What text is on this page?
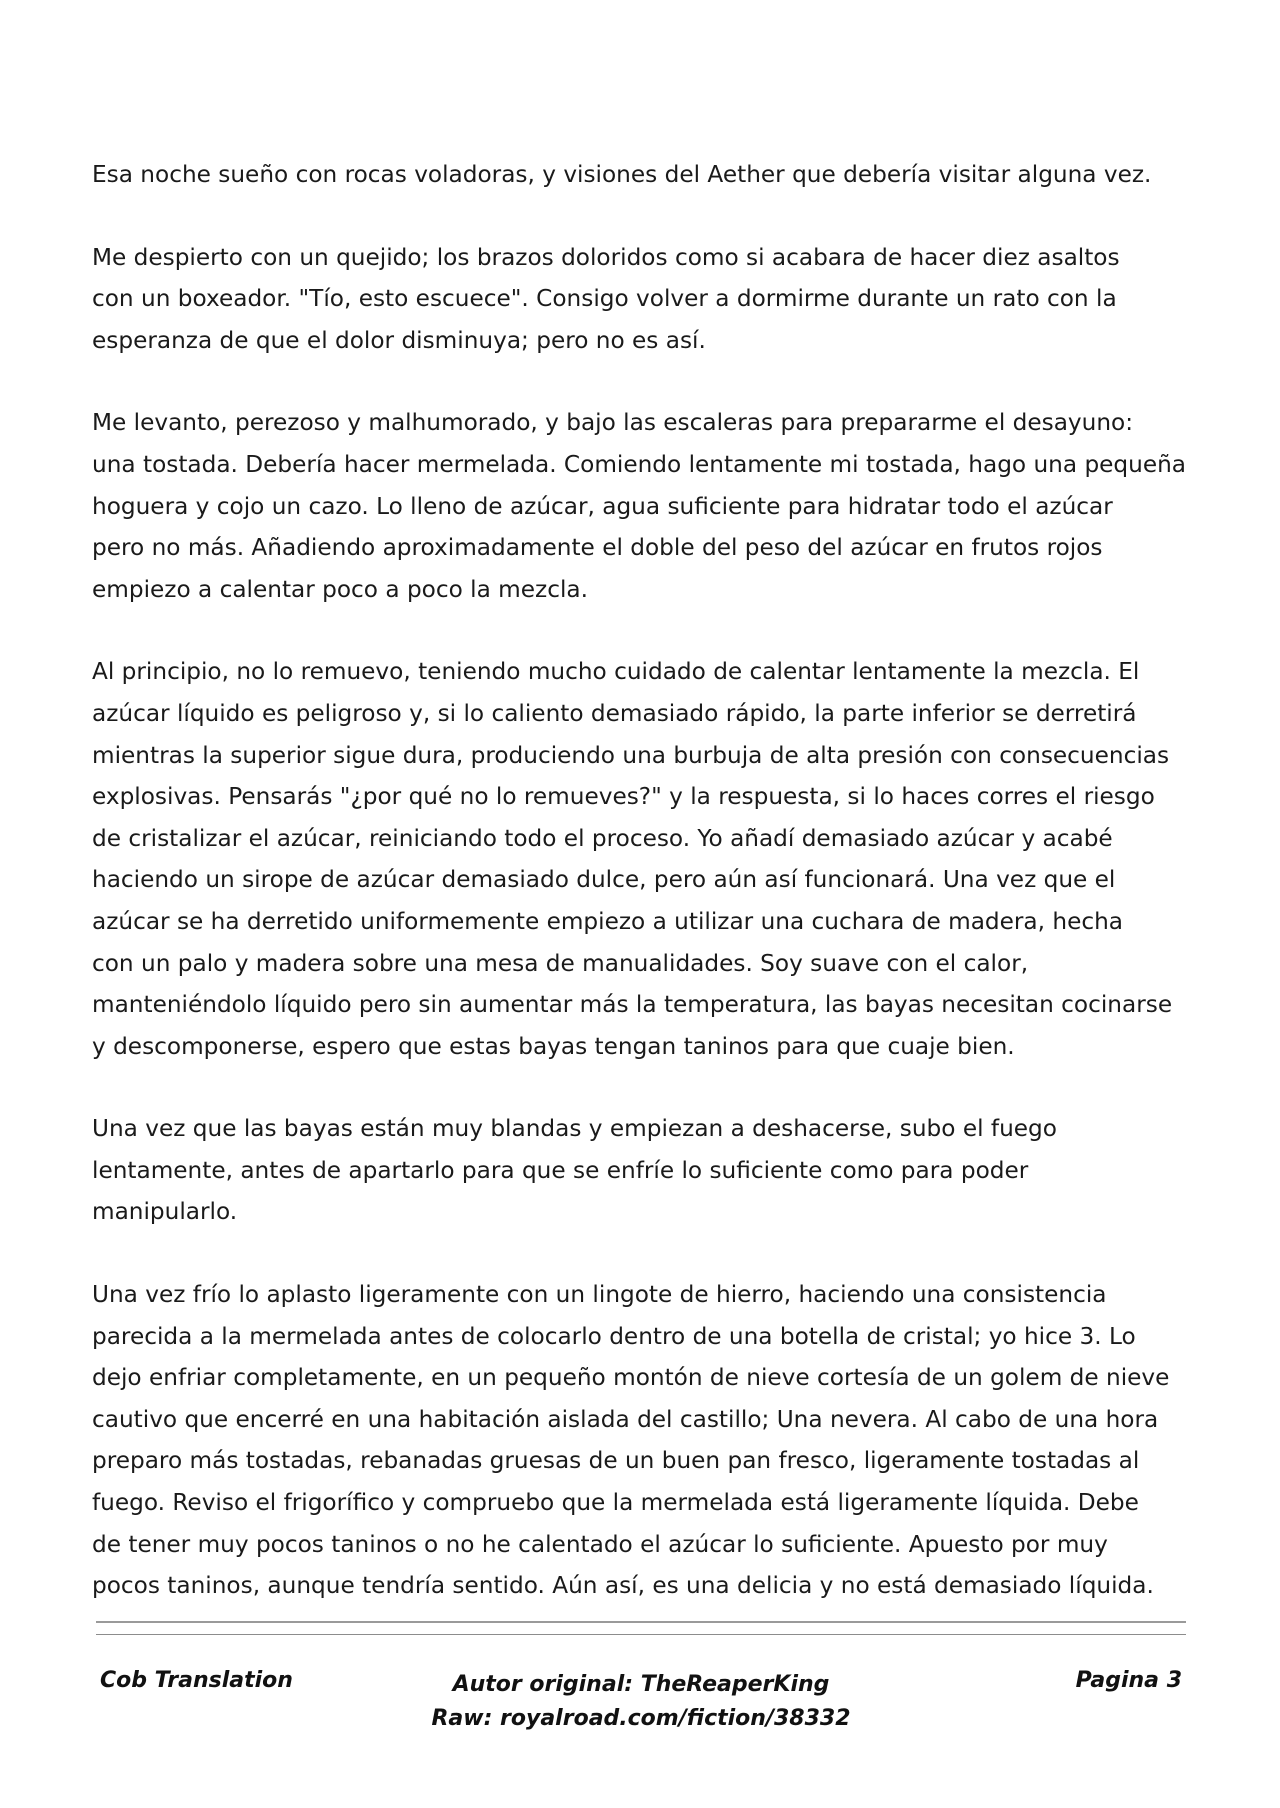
Esa noche sueño con rocas voladoras, y visiones del Aether que debería visitar alguna vez.

Me despierto con un quejido; los brazos doloridos como si acabara de hacer diez asaltos
con un boxeador. "Tío, esto escuece". Consigo volver a dormirme durante un rato con la
esperanza de que el dolor disminuya; pero no es así.

Me levanto, perezoso y malhumorado, y bajo las escaleras para prepararme el desayuno:
una tostada. Debería hacer mermelada. Comiendo lentamente mi tostada, hago una pequeña
hoguera y cojo un cazo. Lo lleno de azúcar, agua suficiente para hidratar todo el azúcar
pero no más. Añadiendo aproximadamente el doble del peso del azúcar en frutos rojos
empiezo a calentar poco a poco la mezcla.

Al principio, no lo remuevo, teniendo mucho cuidado de calentar lentamente la mezcla. El
azúcar líquido es peligroso y, si lo caliento demasiado rápido, la parte inferior se derretirá
mientras la superior sigue dura, produciendo una burbuja de alta presión con consecuencias
explosivas. Pensarás "¿por qué no lo remueves?" y la respuesta, si lo haces corres el riesgo
de cristalizar el azúcar, reiniciando todo el proceso. Yo añadí demasiado azúcar y acabé
haciendo un sirope de azúcar demasiado dulce, pero aún así funcionará. Una vez que el
azúcar se ha derretido uniformemente empiezo a utilizar una cuchara de madera, hecha
con un palo y madera sobre una mesa de manualidades. Soy suave con el calor,
manteniéndolo líquido pero sin aumentar más la temperatura, las bayas necesitan cocinarse
y descomponerse, espero que estas bayas tengan taninos para que cuaje bien.

Una vez que las bayas están muy blandas y empiezan a deshacerse, subo el fuego
lentamente, antes de apartarlo para que se enfríe lo suficiente como para poder
manipularlo.

Una vez frío lo aplasto ligeramente con un lingote de hierro, haciendo una consistencia
parecida a la mermelada antes de colocarlo dentro de una botella de cristal; yo hice 3. Lo
dejo enfriar completamente, en un pequeño montón de nieve cortesía de un golem de nieve
cautivo que encerré en una habitación aislada del castillo; Una nevera. Al cabo de una hora
preparo más tostadas, rebanadas gruesas de un buen pan fresco, ligeramente tostadas al
fuego. Reviso el frigorífico y compruebo que la mermelada está ligeramente líquida. Debe
de tener muy pocos taninos o no he calentado el azúcar lo suficiente. Apuesto por muy
pocos taninos, aunque tendría sentido. Aún así, es una delicia y no está demasiado líquida.

Cob Translation	Autor original: TheReaperKing
Raw: royalroad.com/fiction/38332
Pagina 3
